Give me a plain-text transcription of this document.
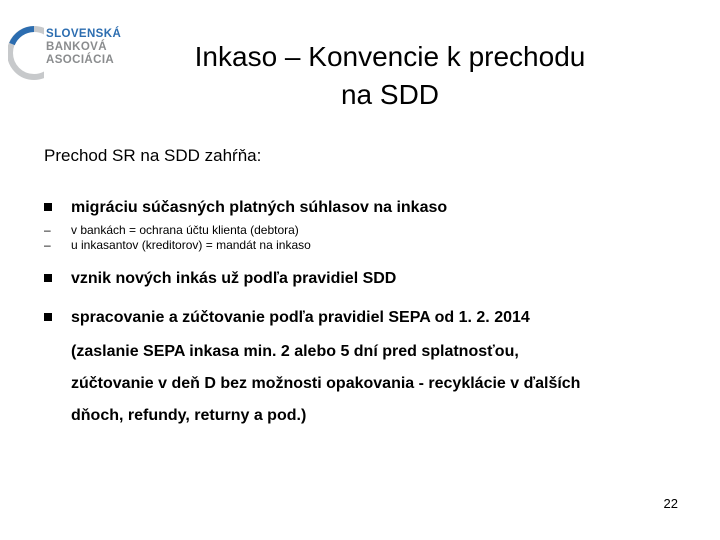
SLOVENSKÁ
BANKOVÁ
ASOCIÁCIA	Inkaso – Konvencie k prechodu
na SDD
Prechod SR na SDD zahŕňa:
migráciu súčasných platných súhlasov na inkaso
–	v bankách = ochrana účtu klienta (debtora)
–	u inkasantov (kreditorov) = mandát na inkaso
vznik nových inkás už podľa pravidiel SDD
spracovanie a zúčtovanie podľa pravidiel SEPA od 1. 2. 2014
(zaslanie SEPA inkasa min. 2 alebo 5 dní pred splatnosťou,
zúčtovanie v deň D bez možnosti opakovania - recyklácie v ďalších
dňoch, refundy, returny a pod.)
22
